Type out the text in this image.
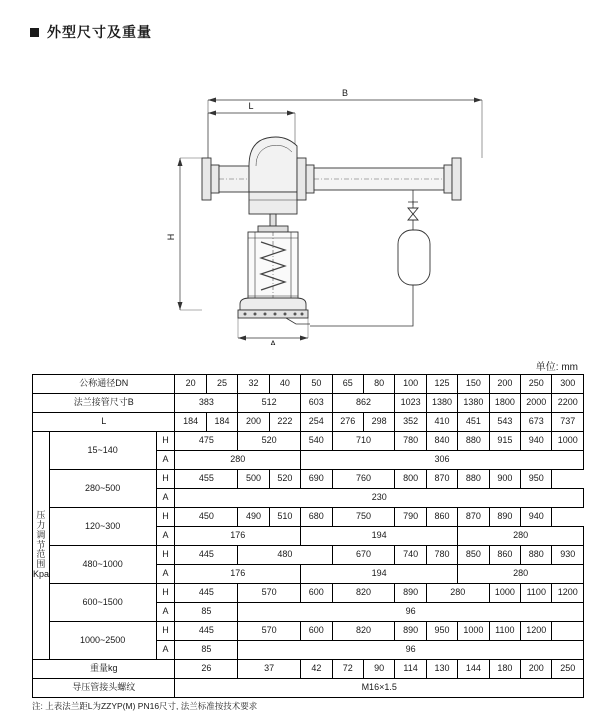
外型尺寸及重量
B
L
H
A
单位: mm
公称通径DN			20	25	32	40	50	65	80	100	125	150	200	250	300
法兰接管尺寸B			383		512		603	862		1023	1380	1380	1800	2000	2200
L			184	184	200	222	254	276	298	352	410	451	543	673	737

压
力
调
节
范
围
Kpa
	15~140	H	475	520	540	710	780	840	880	915	940	1000
		A	280				306								
	280~500	H	455		500	520	690	760		800	870	880	900	950	
		A	230												
	120~300	H	450		490	510	680	750		790	860	870	890	940	
		A	176				194					280			
	480~1000	H	445		480			670		740	780	850	860	880	930
		A	176				194					280			
	600~1500	H	445		570		600	820		890	280		1000	1100	1200
		A	85		96										
	1000~2500	H	445		570		600	820		890	950	1000	1100	1200	
		A	85		96										
重量kg			26		37		42	72	90	114	130	144	180	200	250
导压管接头螺纹			M16×1.5												
注: 上表法兰距L为ZZYP(M) PN16尺寸, 法兰标准按技术要求
